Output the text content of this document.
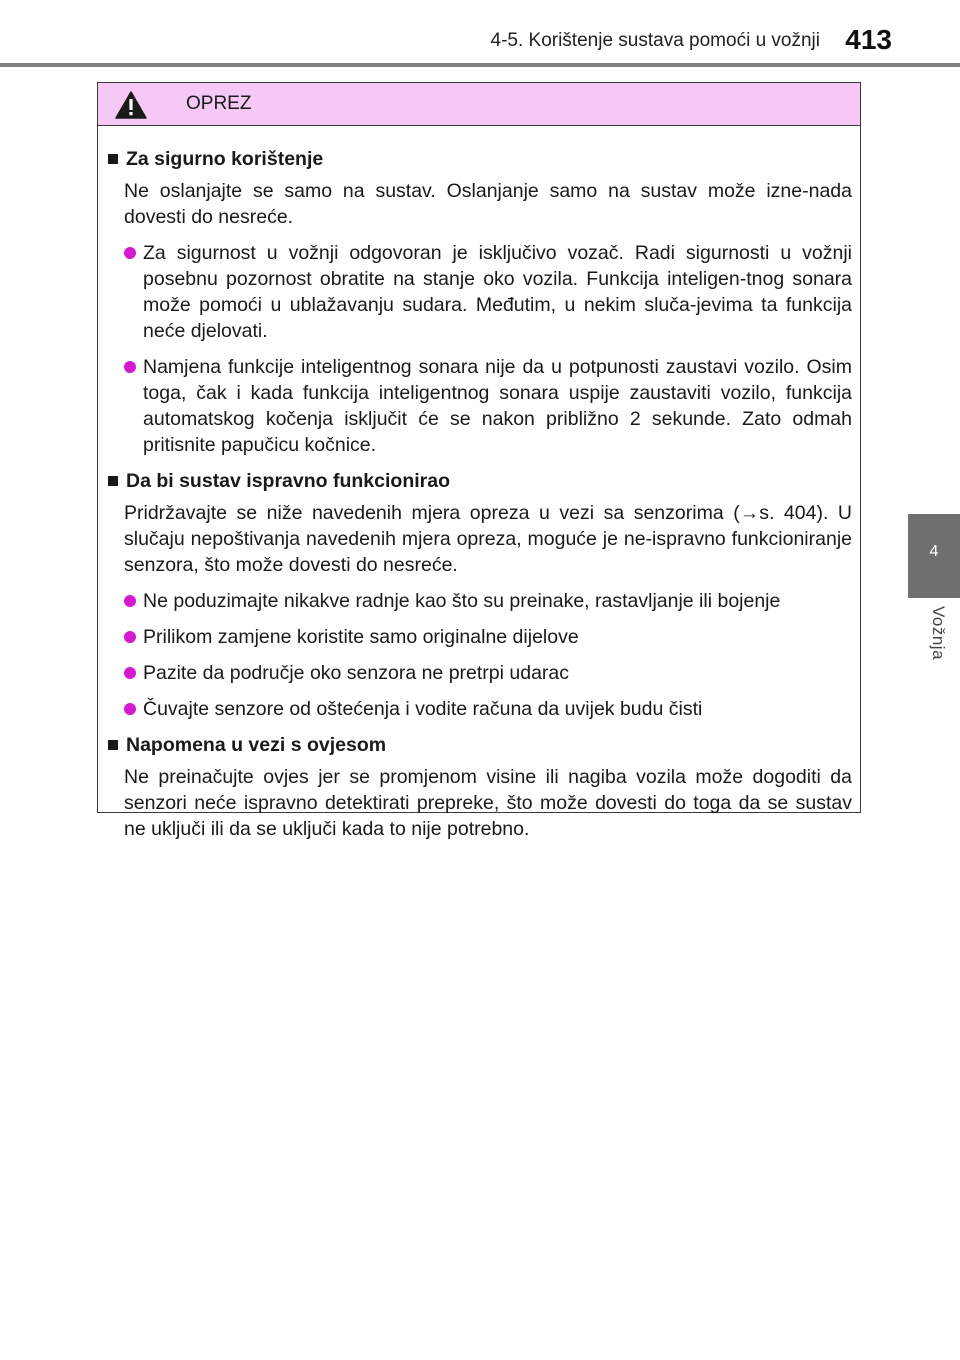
4-5. Korištenje sustava pomoći u vožnji 413
4
Vožnja
OPREZ
Za sigurno korištenje
Ne oslanjajte se samo na sustav. Oslanjanje samo na sustav može izne-nada dovesti do nesreće.
Za sigurnost u vožnji odgovoran je isključivo vozač. Radi sigurnosti u vožnji posebnu pozornost obratite na stanje oko vozila. Funkcija inteligen-tnog sonara može pomoći u ublažavanju sudara. Međutim, u nekim sluča-jevima ta funkcija neće djelovati.
Namjena funkcije inteligentnog sonara nije da u potpunosti zaustavi vozilo. Osim toga, čak i kada funkcija inteligentnog sonara uspije zaustaviti vozilo, funkcija automatskog kočenja isključit će se nakon približno 2 sekunde. Zato odmah pritisnite papučicu kočnice.
Da bi sustav ispravno funkcionirao
Pridržavajte se niže navedenih mjera opreza u vezi sa senzorima (→s. 404). U slučaju nepoštivanja navedenih mjera opreza, moguće je ne-ispravno funkcioniranje senzora, što može dovesti do nesreće.
Ne poduzimajte nikakve radnje kao što su preinake, rastavljanje ili bojenje
Prilikom zamjene koristite samo originalne dijelove
Pazite da područje oko senzora ne pretrpi udarac
Čuvajte senzore od oštećenja i vodite računa da uvijek budu čisti
Napomena u vezi s ovjesom
Ne preinačujte ovjes jer se promjenom visine ili nagiba vozila može dogoditi da senzori neće ispravno detektirati prepreke, što može dovesti do toga da se sustav ne uključi ili da se uključi kada to nije potrebno.
